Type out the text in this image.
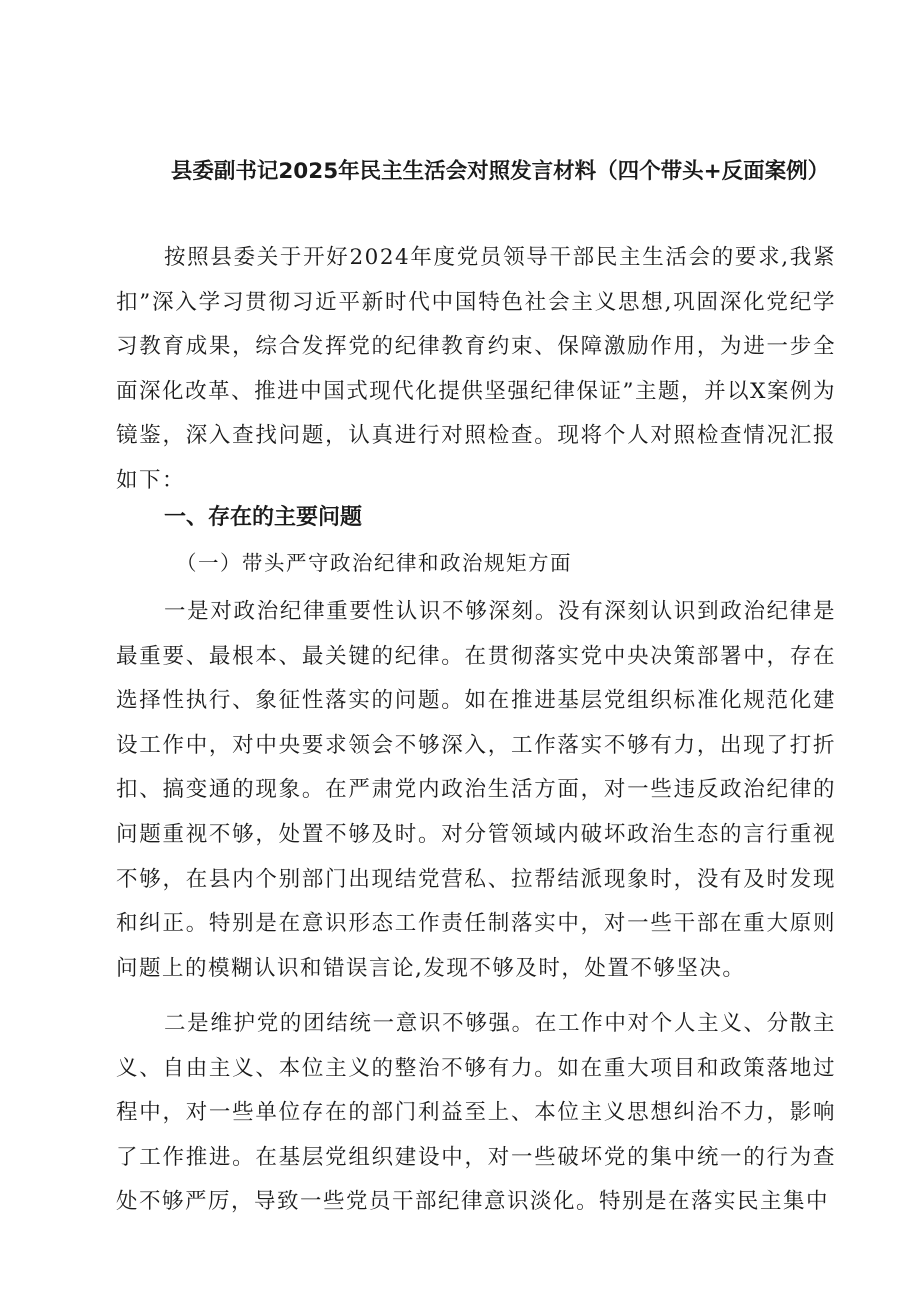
县委副书记2025年民主生活会对照发言材料（四个带头+反面案例）

按照县委关于开好2024年度党员领导干部民主生活会的要求,我紧扣”深入学习贯彻习近平新时代中国特色社会主义思想,巩固深化党纪学习教育成果，综合发挥党的纪律教育约束、保障激励作用，为进一步全面深化改革、推进中国式现代化提供坚强纪律保证”主题，并以X案例为镜鉴，深入查找问题，认真进行对照检查。现将个人对照检查情况汇报如下：

一、存在的主要问题
（一）带头严守政治纪律和政治规矩方面

一是对政治纪律重要性认识不够深刻。没有深刻认识到政治纪律是最重要、最根本、最关键的纪律。在贯彻落实党中央决策部署中，存在选择性执行、象征性落实的问题。如在推进基层党组织标准化规范化建设工作中，对中央要求领会不够深入，工作落实不够有力，出现了打折扣、搞变通的现象。在严肃党内政治生活方面，对一些违反政治纪律的问题重视不够，处置不够及时。对分管领域内破坏政治生态的言行重视不够，在县内个别部门出现结党营私、拉帮结派现象时，没有及时发现和纠正。特别是在意识形态工作责任制落实中，对一些干部在重大原则问题上的模糊认识和错误言论,发现不够及时，处置不够坚决。

二是维护党的团结统一意识不够强。在工作中对个人主义、分散主义、自由主义、本位主义的整治不够有力。如在重大项目和政策落地过程中，对一些单位存在的部门利益至上、本位主义思想纠治不力，影响了工作推进。在基层党组织建设中，对一些破坏党的集中统一的行为查处不够严厉，导致一些党员干部纪律意识淡化。特别是在落实民主集中
